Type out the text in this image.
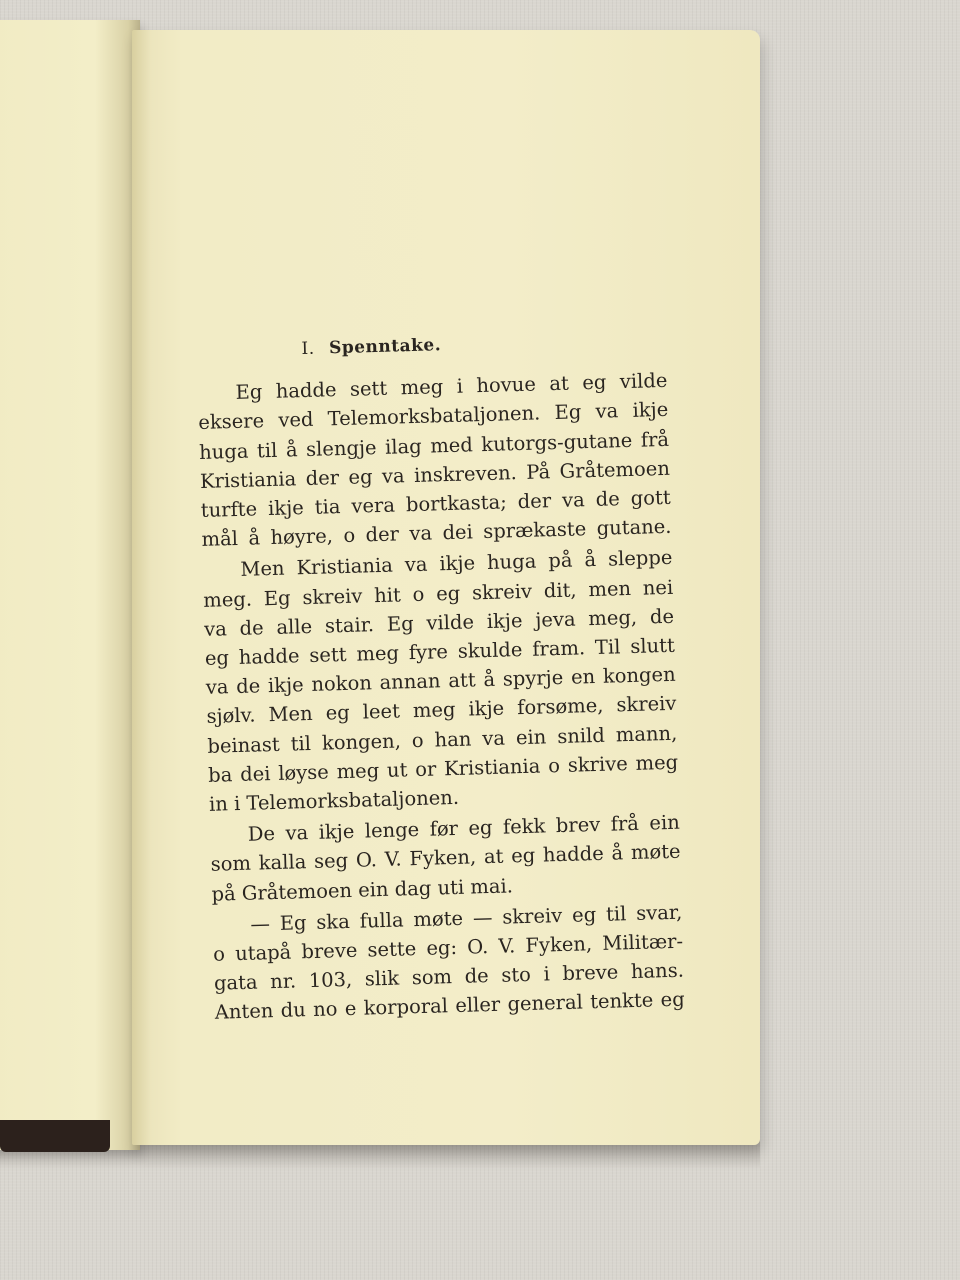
I. Spenntake.
Eg hadde sett meg i hovue at eg vilde
eksere ved Telemorksbataljonen. Eg va ikje
huga til å slengje ilag med kutorgs-gutane frå
Kristiania der eg va inskreven. På Gråtemoen
turfte ikje tia vera bortkasta; der va de gott
mål å høyre, o der va dei sprækaste gutane.
Men Kristiania va ikje huga på å sleppe
meg. Eg skreiv hit o eg skreiv dit, men nei
va de alle stair. Eg vilde ikje jeva meg, de
eg hadde sett meg fyre skulde fram. Til slutt
va de ikje nokon annan att å spyrje en kongen
sjølv. Men eg leet meg ikje forsøme, skreiv
beinast til kongen, o han va ein snild mann,
ba dei løyse meg ut or Kristiania o skrive meg
in i Telemorksbataljonen.
De va ikje lenge før eg fekk brev frå ein
som kalla seg O. V. Fyken, at eg hadde å møte
på Gråtemoen ein dag uti mai.
— Eg ska fulla møte — skreiv eg til svar,
o utapå breve sette eg: O. V. Fyken, Militær-
gata nr. 103, slik som de sto i breve hans.
Anten du no e korporal eller general tenkte eg
